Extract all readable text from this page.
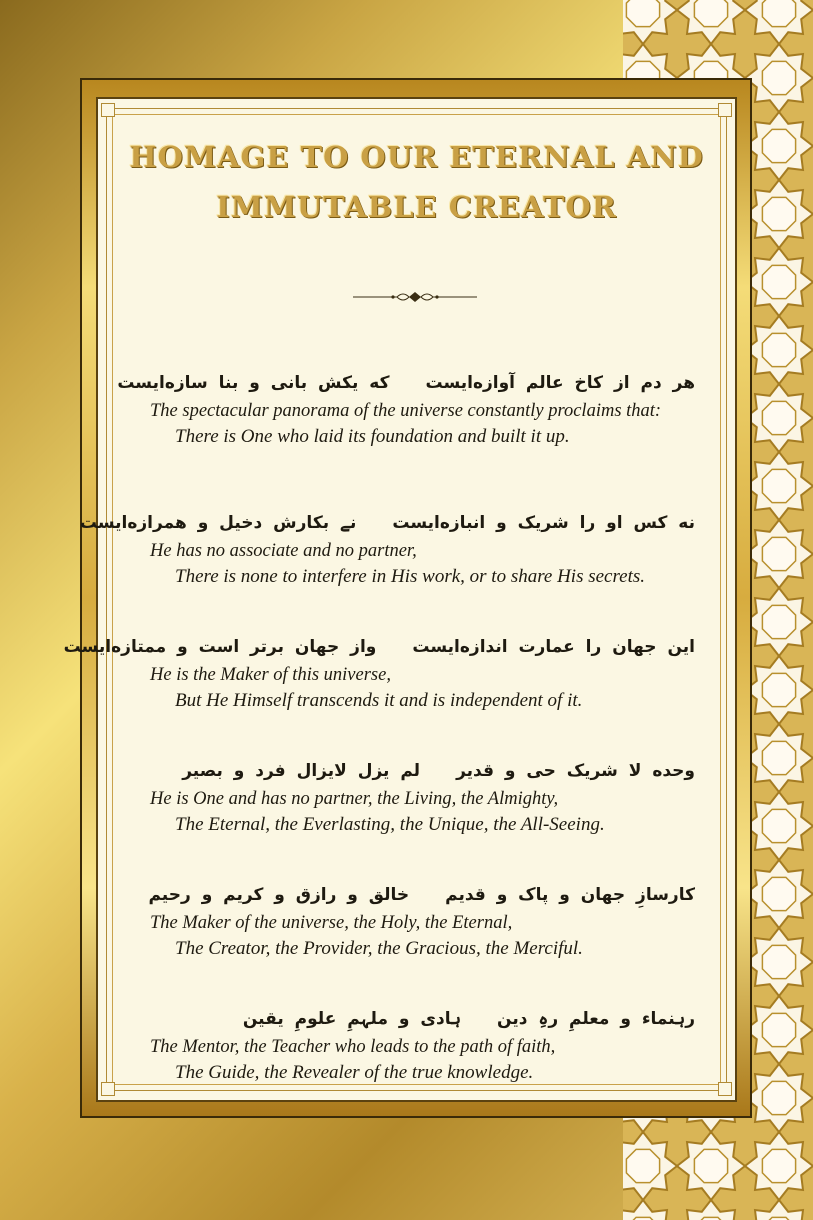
HOMAGE TO OUR ETERNAL AND
IMMUTABLE CREATOR
هر دم از کاخ عالم آوازه‌ایستکه یکش بانی و بنا سازه‌ایست
The spectacular panorama of the universe constantly proclaims that:
There is One who laid its foundation and built it up.
نه کس او را شریک و انبازه‌ایستنے بکارش دخیل و همرازه‌ایست
He has no associate and no partner,
There is none to interfere in His work, or to share His secrets.
این جهان را عمارت اندازه‌ایستواز جهان برتر است و ممتازه‌ایست
He is the Maker of this universe,
But He Himself transcends it and is independent of it.
وحده لا شریک حی و قدیرلم یزل لایزال فرد و بصیر
He is One and has no partner, the Living, the Almighty,
The Eternal, the Everlasting, the Unique, the All-Seeing.
کارسازِ جهان و پاک و قدیمخالق و رازق و کریم و رحیم
The Maker of the universe, the Holy, the Eternal,
The Creator, the Provider, the Gracious, the Merciful.
رہنماء و معلمِ رہِ دینہادی و ملہمِ علومِ یقین
The Mentor, the Teacher who leads to the path of faith,
The Guide, the Revealer of the true knowledge.
